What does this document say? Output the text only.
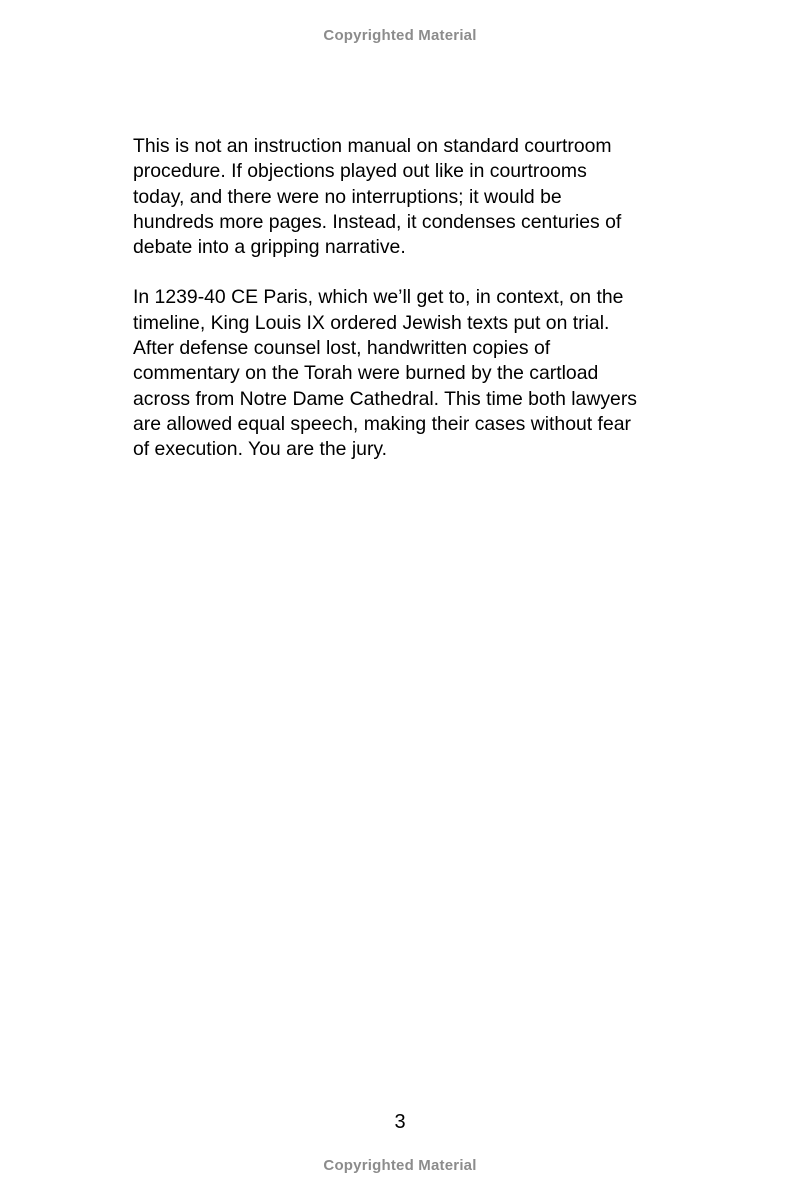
Copyrighted Material

This is not an instruction manual on standard courtroom
procedure. If objections played out like in courtrooms
today, and there were no interruptions; it would be
hundreds more pages. Instead, it condenses centuries of
debate into a gripping narrative.

In 1239-40 CE Paris, which we’ll get to, in context, on the
timeline, King Louis IX ordered Jewish texts put on trial.
After defense counsel lost, handwritten copies of
commentary on the Torah were burned by the cartload
across from Notre Dame Cathedral. This time both lawyers
are allowed equal speech, making their cases without fear
of execution. You are the jury.

3
Copyrighted Material
